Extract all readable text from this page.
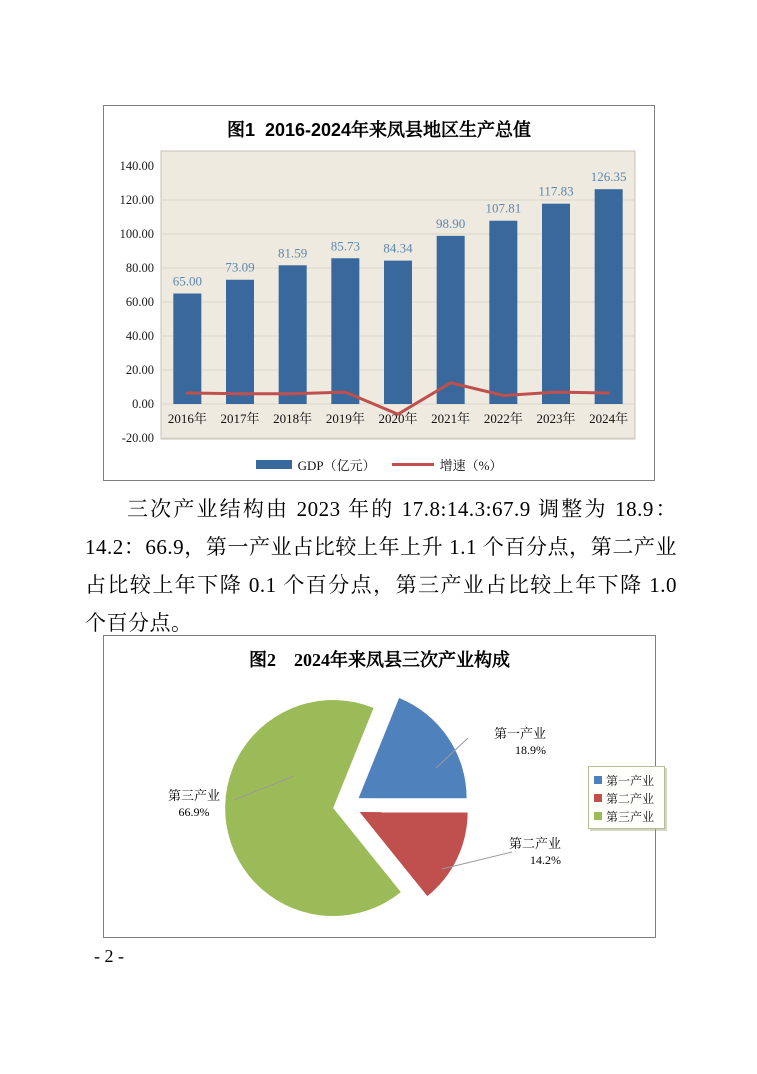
140.00
120.00
100.00
80.00
60.00
40.00
20.00
0.00
-20.00
65.00
73.09
81.59 85.73 84.34
98.90
107.81
117.83
126.35
2016年 2017年 2018年 2019年 2020年 2021年 2022年 2023年 2024年
图1  2016-2024年来凤县地区生产总值
GDP（亿元）	增速（%）
三次产业结构由 2023 年的 17.8:14.3:67.9 调整为 18.9：14.2：66.9，第一产业占比较上年上升 1.1 个百分点，第二产业占比较上年下降 0.1 个百分点，第三产业占比较上年下降 1.0 个百分点。
图2    2024年来凤县三次产业构成
第一产业
18.9%
第二产业
14.2%
第三产业
66.9%
第一产业
第二产业
第三产业
- 2 -
